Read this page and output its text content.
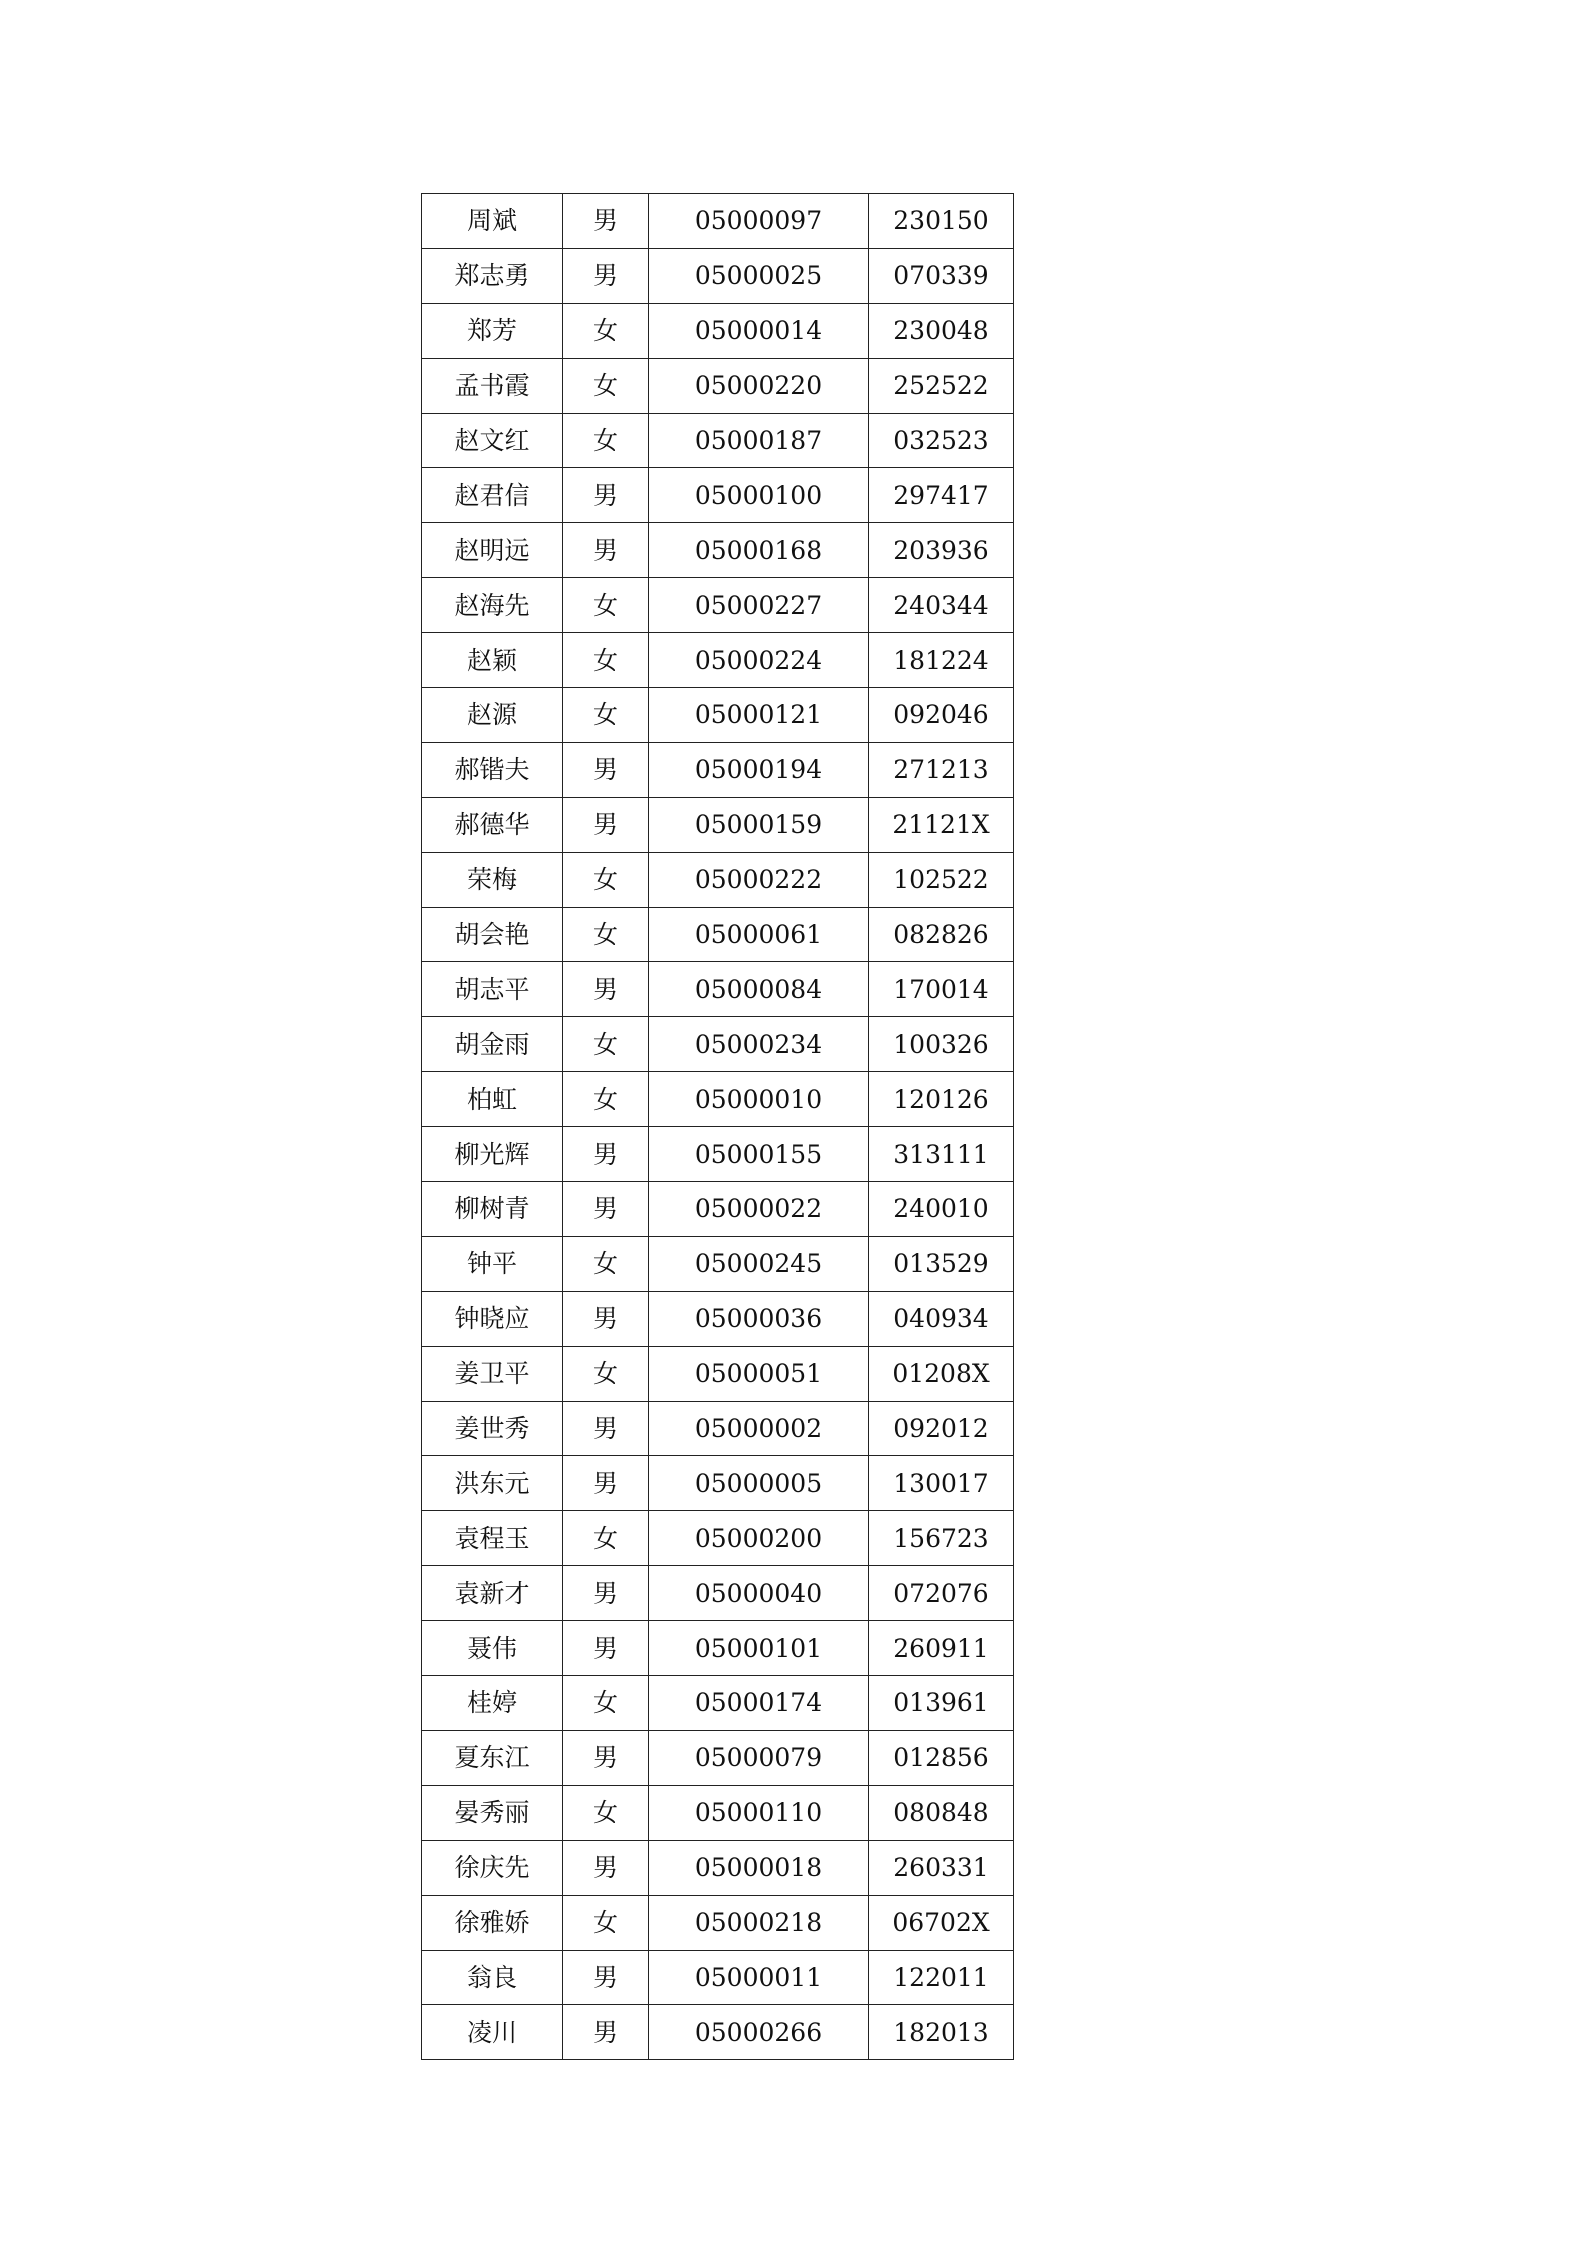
周斌	男	05000097	230150
郑志勇	男	05000025	070339
郑芳	女	05000014	230048
孟书霞	女	05000220	252522
赵文红	女	05000187	032523
赵君信	男	05000100	297417
赵明远	男	05000168	203936
赵海先	女	05000227	240344
赵颖	女	05000224	181224
赵源	女	05000121	092046
郝锴夫	男	05000194	271213
郝德华	男	05000159	21121X
荣梅	女	05000222	102522
胡会艳	女	05000061	082826
胡志平	男	05000084	170014
胡金雨	女	05000234	100326
柏虹	女	05000010	120126
柳光辉	男	05000155	313111
柳树青	男	05000022	240010
钟平	女	05000245	013529
钟晓应	男	05000036	040934
姜卫平	女	05000051	01208X
姜世秀	男	05000002	092012
洪东元	男	05000005	130017
袁程玉	女	05000200	156723
袁新才	男	05000040	072076
聂伟	男	05000101	260911
桂婷	女	05000174	013961
夏东江	男	05000079	012856
晏秀丽	女	05000110	080848
徐庆先	男	05000018	260331
徐雅娇	女	05000218	06702X
翁良	男	05000011	122011
凌川	男	05000266	182013
